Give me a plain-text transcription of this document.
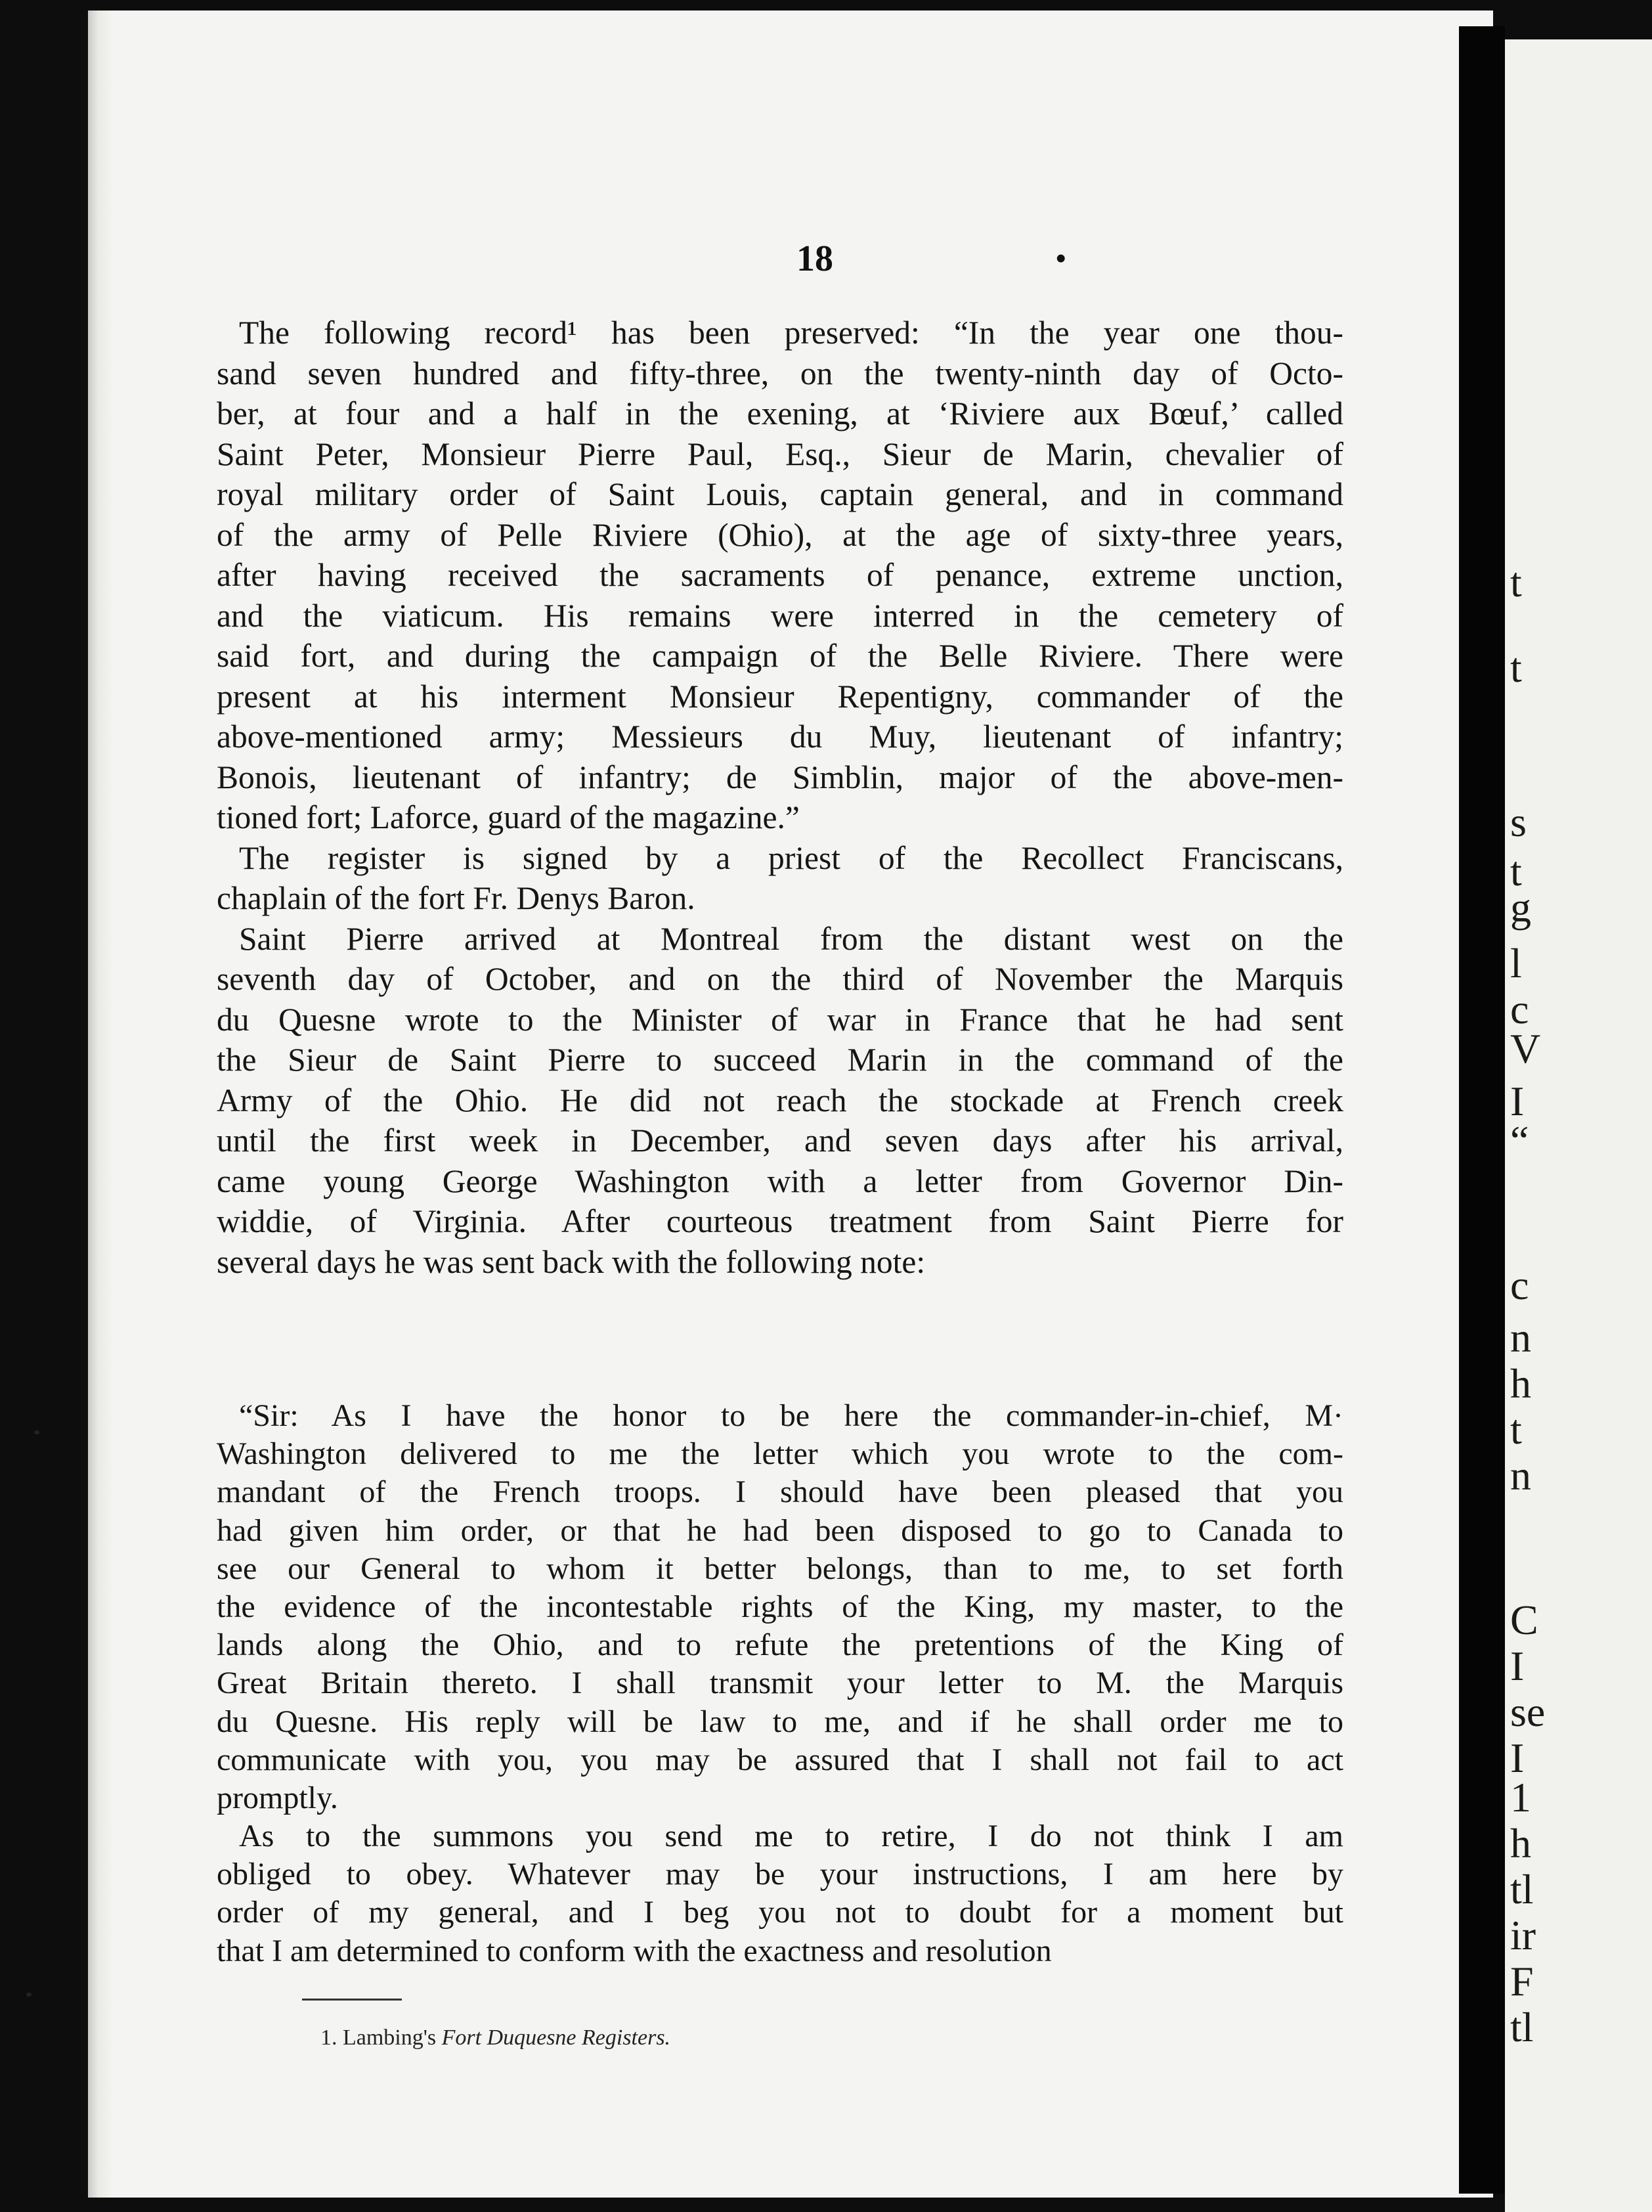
t
t
s
t
g
l
c
V
I
“
c
n
h
t
n
C
I
se
I
1
h
tl
ir
F
tl
18	•
The following record¹ has been preserved: “In the year one thou-
sand seven hundred and fifty-three, on the twenty-ninth day of Octo-
ber, at four and a half in the exening, at ‘Riviere aux Bœuf,’ called
Saint Peter, Monsieur Pierre Paul, Esq., Sieur de Marin, chevalier of
royal military order of Saint Louis, captain general, and in command
of the army of Pelle Riviere (Ohio), at the age of sixty-three years,
after having received the sacraments of penance, extreme unction,
and the viaticum. His remains were interred in the cemetery of
said fort, and during the campaign of the Belle Riviere. There were
present at his interment Monsieur Repentigny, commander of the
above-mentioned army; Messieurs du Muy, lieutenant of infantry;
Bonois, lieutenant of infantry; de Simblin, major of the above-men-
tioned fort; Laforce, guard of the magazine.”
The register is signed by a priest of the Recollect Franciscans,
chaplain of the fort Fr. Denys Baron.
Saint Pierre arrived at Montreal from the distant west on the
seventh day of October, and on the third of November the Marquis
du Quesne wrote to the Minister of war in France that he had sent
the Sieur de Saint Pierre to succeed Marin in the command of the
Army of the Ohio. He did not reach the stockade at French creek
until the first week in December, and seven days after his arrival,
came young George Washington with a letter from Governor Din-
widdie, of Virginia. After courteous treatment from Saint Pierre for
several days he was sent back with the following note:
“Sir: As I have the honor to be here the commander-in-chief, M·
Washington delivered to me the letter which you wrote to the com-
mandant of the French troops. I should have been pleased that you
had given him order, or that he had been disposed to go to Canada to
see our General to whom it better belongs, than to me, to set forth
the evidence of the incontestable rights of the King, my master, to the
lands along the Ohio, and to refute the pretentions of the King of
Great Britain thereto. I shall transmit your letter to M. the Marquis
du Quesne. His reply will be law to me, and if he shall order me to
communicate with you, you may be assured that I shall not fail to act
promptly.
As to the summons you send me to retire, I do not think I am
obliged to obey. Whatever may be your instructions, I am here by
order of my general, and I beg you not to doubt for a moment but
that I am determined to conform with the exactness and resolution
1. Lambing's Fort Duquesne Registers.
